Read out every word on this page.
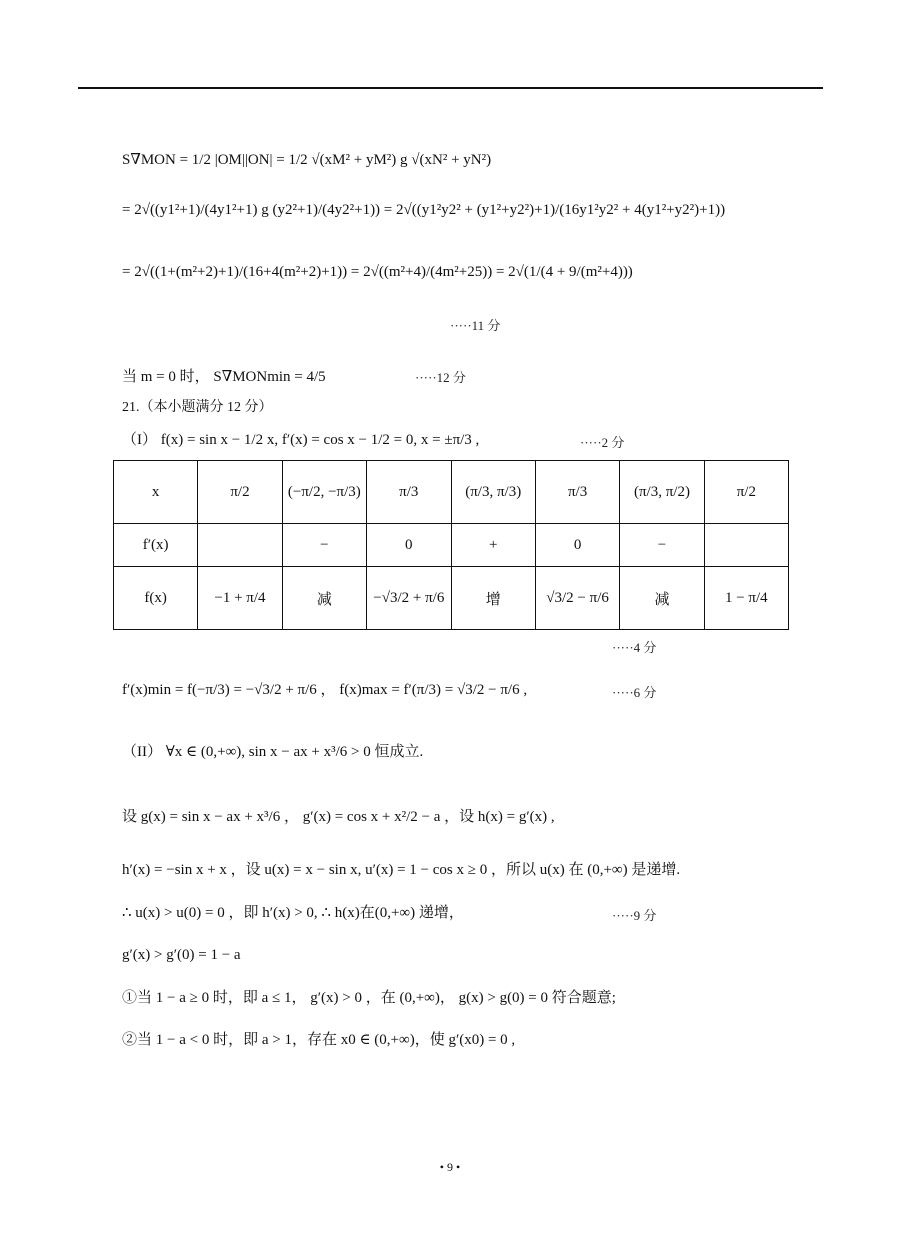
S∇MON = 1/2 |OM||ON| = 1/2 √(xM² + yM²) g √(xN² + yN²)
= 2√((y1²+1)/(4y1²+1) g (y2²+1)/(4y2²+1)) = 2√((y1²y2² + (y1²+y2²)+1)/(16y1²y2² + 4(y1²+y2²)+1))
= 2√((1+(m²+2)+1)/(16+4(m²+2)+1)) = 2√((m²+4)/(4m²+25)) = 2√(1/(4 + 9/(m²+4)))
·····11 分
当 m = 0 时， S∇MONmin = 4/5	·····12 分
21.（本小题满分 12 分）
（I） f(x) = sin x − 1/2 x, f′(x) = cos x − 1/2 = 0, x = ±π/3 ,	·····2 分
x	π/2	(−π/2, −π/3)	π/3	(π/3, π/3)	π/3	(π/3, π/2)	π/2
f′(x)		−	0	+	0	−	
f(x)	−1 + π/4	减	−√3/2 + π/6	增	√3/2 − π/6	减	1 − π/4
·····4 分
f′(x)min = f(−π/3) = −√3/2 + π/6 ， f(x)max = f′(π/3) = √3/2 − π/6 ,	·····6 分
（II） ∀x ∈ (0,+∞), sin x − ax + x³/6 > 0 恒成立.
设 g(x) = sin x − ax + x³/6 ， g′(x) = cos x + x²/2 − a ，设 h(x) = g′(x) ,
h′(x) = −sin x + x ，设 u(x) = x − sin x, u′(x) = 1 − cos x ≥ 0 ，所以 u(x) 在 (0,+∞) 是递增.
∴ u(x) > u(0) = 0 ，即 h′(x) > 0, ∴ h(x)在(0,+∞) 递增，	·····9 分
g′(x) > g′(0) = 1 − a
①当 1 − a ≥ 0 时，即 a ≤ 1， g′(x) > 0 ，在 (0,+∞)， g(x) > g(0) = 0 符合题意;
②当 1 − a < 0 时，即 a > 1，存在 x0 ∈ (0,+∞)，使 g′(x0) = 0 ,
• 9 •
